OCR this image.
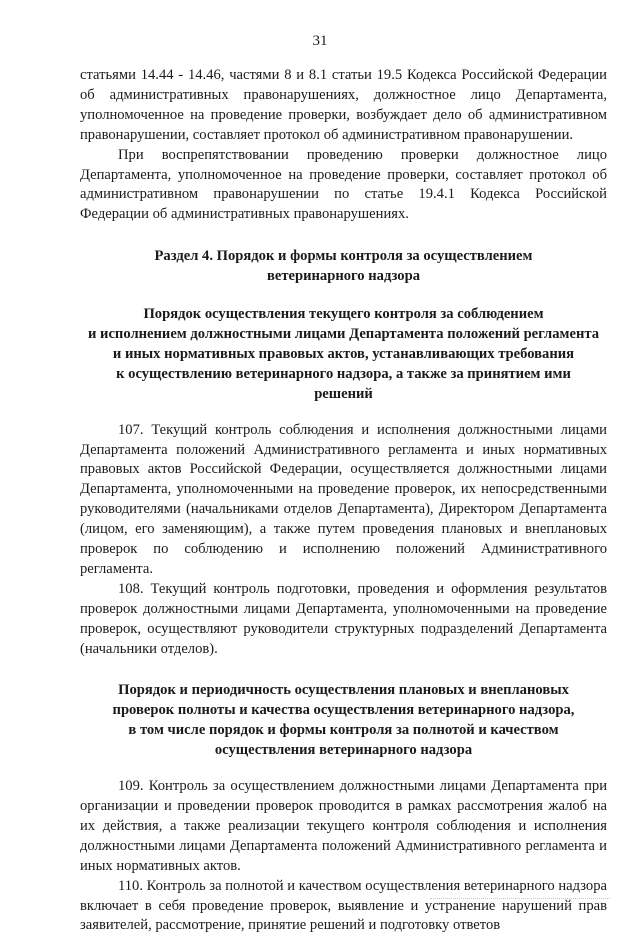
31

статьями 14.44 - 14.46, частями 8 и 8.1 статьи 19.5 Кодекса Российской Федерации об административных правонарушениях, должностное лицо Департамента, уполномоченное на проведение проверки, возбуждает дело об административном правонарушении, составляет протокол об административном правонарушении.

При воспрепятствовании проведению проверки должностное лицо Департамента, уполномоченное на проведение проверки, составляет протокол об административном правонарушении по статье 19.4.1 Кодекса Российской Федерации об административных правонарушениях.

Раздел 4. Порядок и формы контроля за осуществлением

ветеринарного надзора

Порядок осуществления текущего контроля за соблюдением

и исполнением должностными лицами Департамента положений регламента

и иных нормативных правовых актов, устанавливающих требования

к осуществлению ветеринарного надзора, а также за принятием ими

решений

107. Текущий контроль соблюдения и исполнения должностными лицами Департамента положений Административного регламента и иных нормативных правовых актов Российской Федерации, осуществляется должностными лицами Департамента, уполномоченными на проведение проверок, их непосредственными руководителями (начальниками отделов Департамента), Директором Департамента (лицом, его заменяющим), а также путем проведения плановых и внеплановых проверок по соблюдению и исполнению положений Административного регламента.

108. Текущий контроль подготовки, проведения и оформления результатов проверок должностными лицами Департамента, уполномоченными на проведение проверок, осуществляют руководители структурных подразделений Департамента (начальники отделов).

Порядок и периодичность осуществления плановых и внеплановых

проверок полноты и качества осуществления ветеринарного надзора,

в том числе порядок и формы контроля за полнотой и качеством

осуществления ветеринарного надзора

109. Контроль за осуществлением должностными лицами Департамента при организации и проведении проверок проводится в рамках рассмотрения жалоб на их действия, а также реализации текущего контроля соблюдения и исполнения должностными лицами Департамента положений Административного регламента и иных нормативных актов.

110. Контроль за полнотой и качеством осуществления ветеринарного надзора включает в себя проведение проверок, выявление и устранение нарушений прав заявителей, рассмотрение, принятие решений и подготовку ответов
